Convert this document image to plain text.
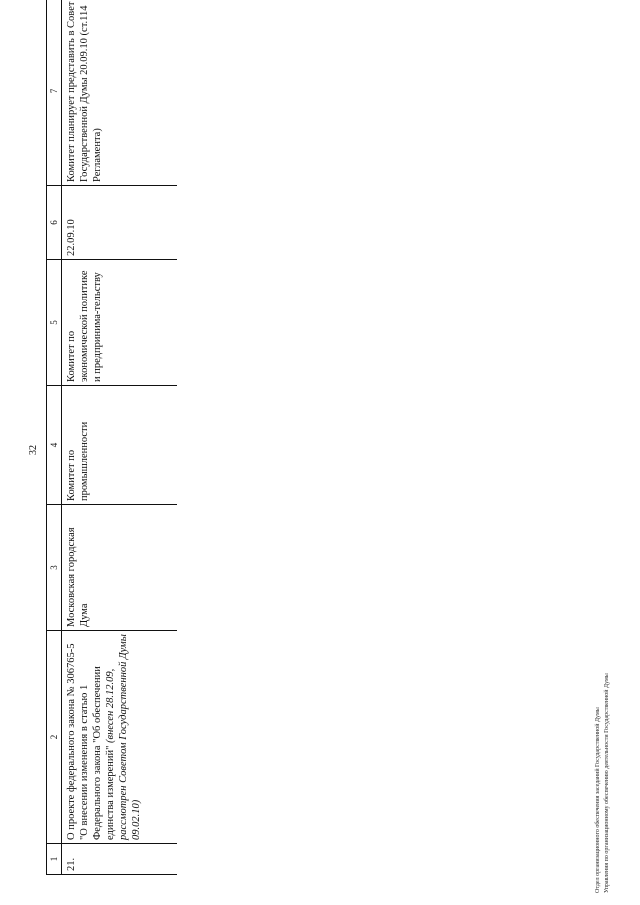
32
1	2	3	4	5	6	7
21.	О проекте федерального закона № 306765-5 "О внесении изменения в статью 1 Федерального закона "Об обеспечении единства измерений" (внесен 28.12.09, рассмотрен Советом Государственной Думы 09.02.10)	Московская городская Дума	Комитет по промышленности	Комитет по экономической политике и предпринима-тельству	22.09.10	Комитет планирует представить в Совет Государственной Думы 20.09.10 (ст.114 Регламента)
Отдел организационного обеспечения заседаний Государственной Думы Управления по организационному обеспечению деятельности Государственной Думы
